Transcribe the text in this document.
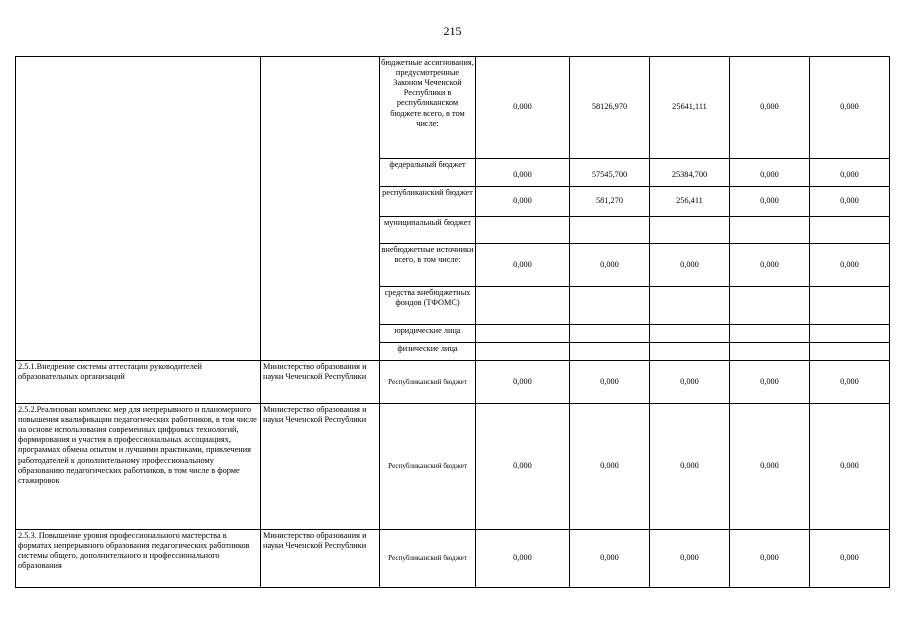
215
		бюджетные ассигнования, предусмотренные Законом Чеченской Республики в республиканском бюджете всего, в том числе:	0,000	58126,970	25641,111	0,000	0,000
		федеральный бюджет	0,000	57545,700	25384,700	0,000	0,000
		республиканский бюджет	0,000	581,270	256,411	0,000	0,000
		муниципальный бюджет					
		внебюджетные источники всего, в том числе:	0,000	0,000	0,000	0,000	0,000
		средства внебюджетных фондов (ТФОМС)					
		юридические лица					
		физические лица					
2.5.1.Внедрение системы аттестации руководителей образовательных организаций	Министерство образования и науки Чеченской Республики	Республиканский бюджет	0,000	0,000	0,000	0,000	0,000
2.5.2.Реализован комплекс мер для непрерывного и планомерного повышения квалификации педагогических работников, в том числе на основе использования современных цифровых технологий, формирования и участия в профессиональных ассоциациях, программах обмена опытом и лучшими практиками, привлечения работодателей к дополнительному профессиональному образованию педагогических работников, в том числе в форме стажировок	Министерство образования и науки Чеченской Республики	Республиканский бюджет	0,000	0,000	0,000	0,000	0,000
2.5.3. Повышение уровня профессионального мастерства в форматах непрерывного образования педагогических работников системы общего, дополнительного и профессионального образования	Министерство образования и науки Чеченской Республики	Республиканский бюджет	0,000	0,000	0,000	0,000	0,000
